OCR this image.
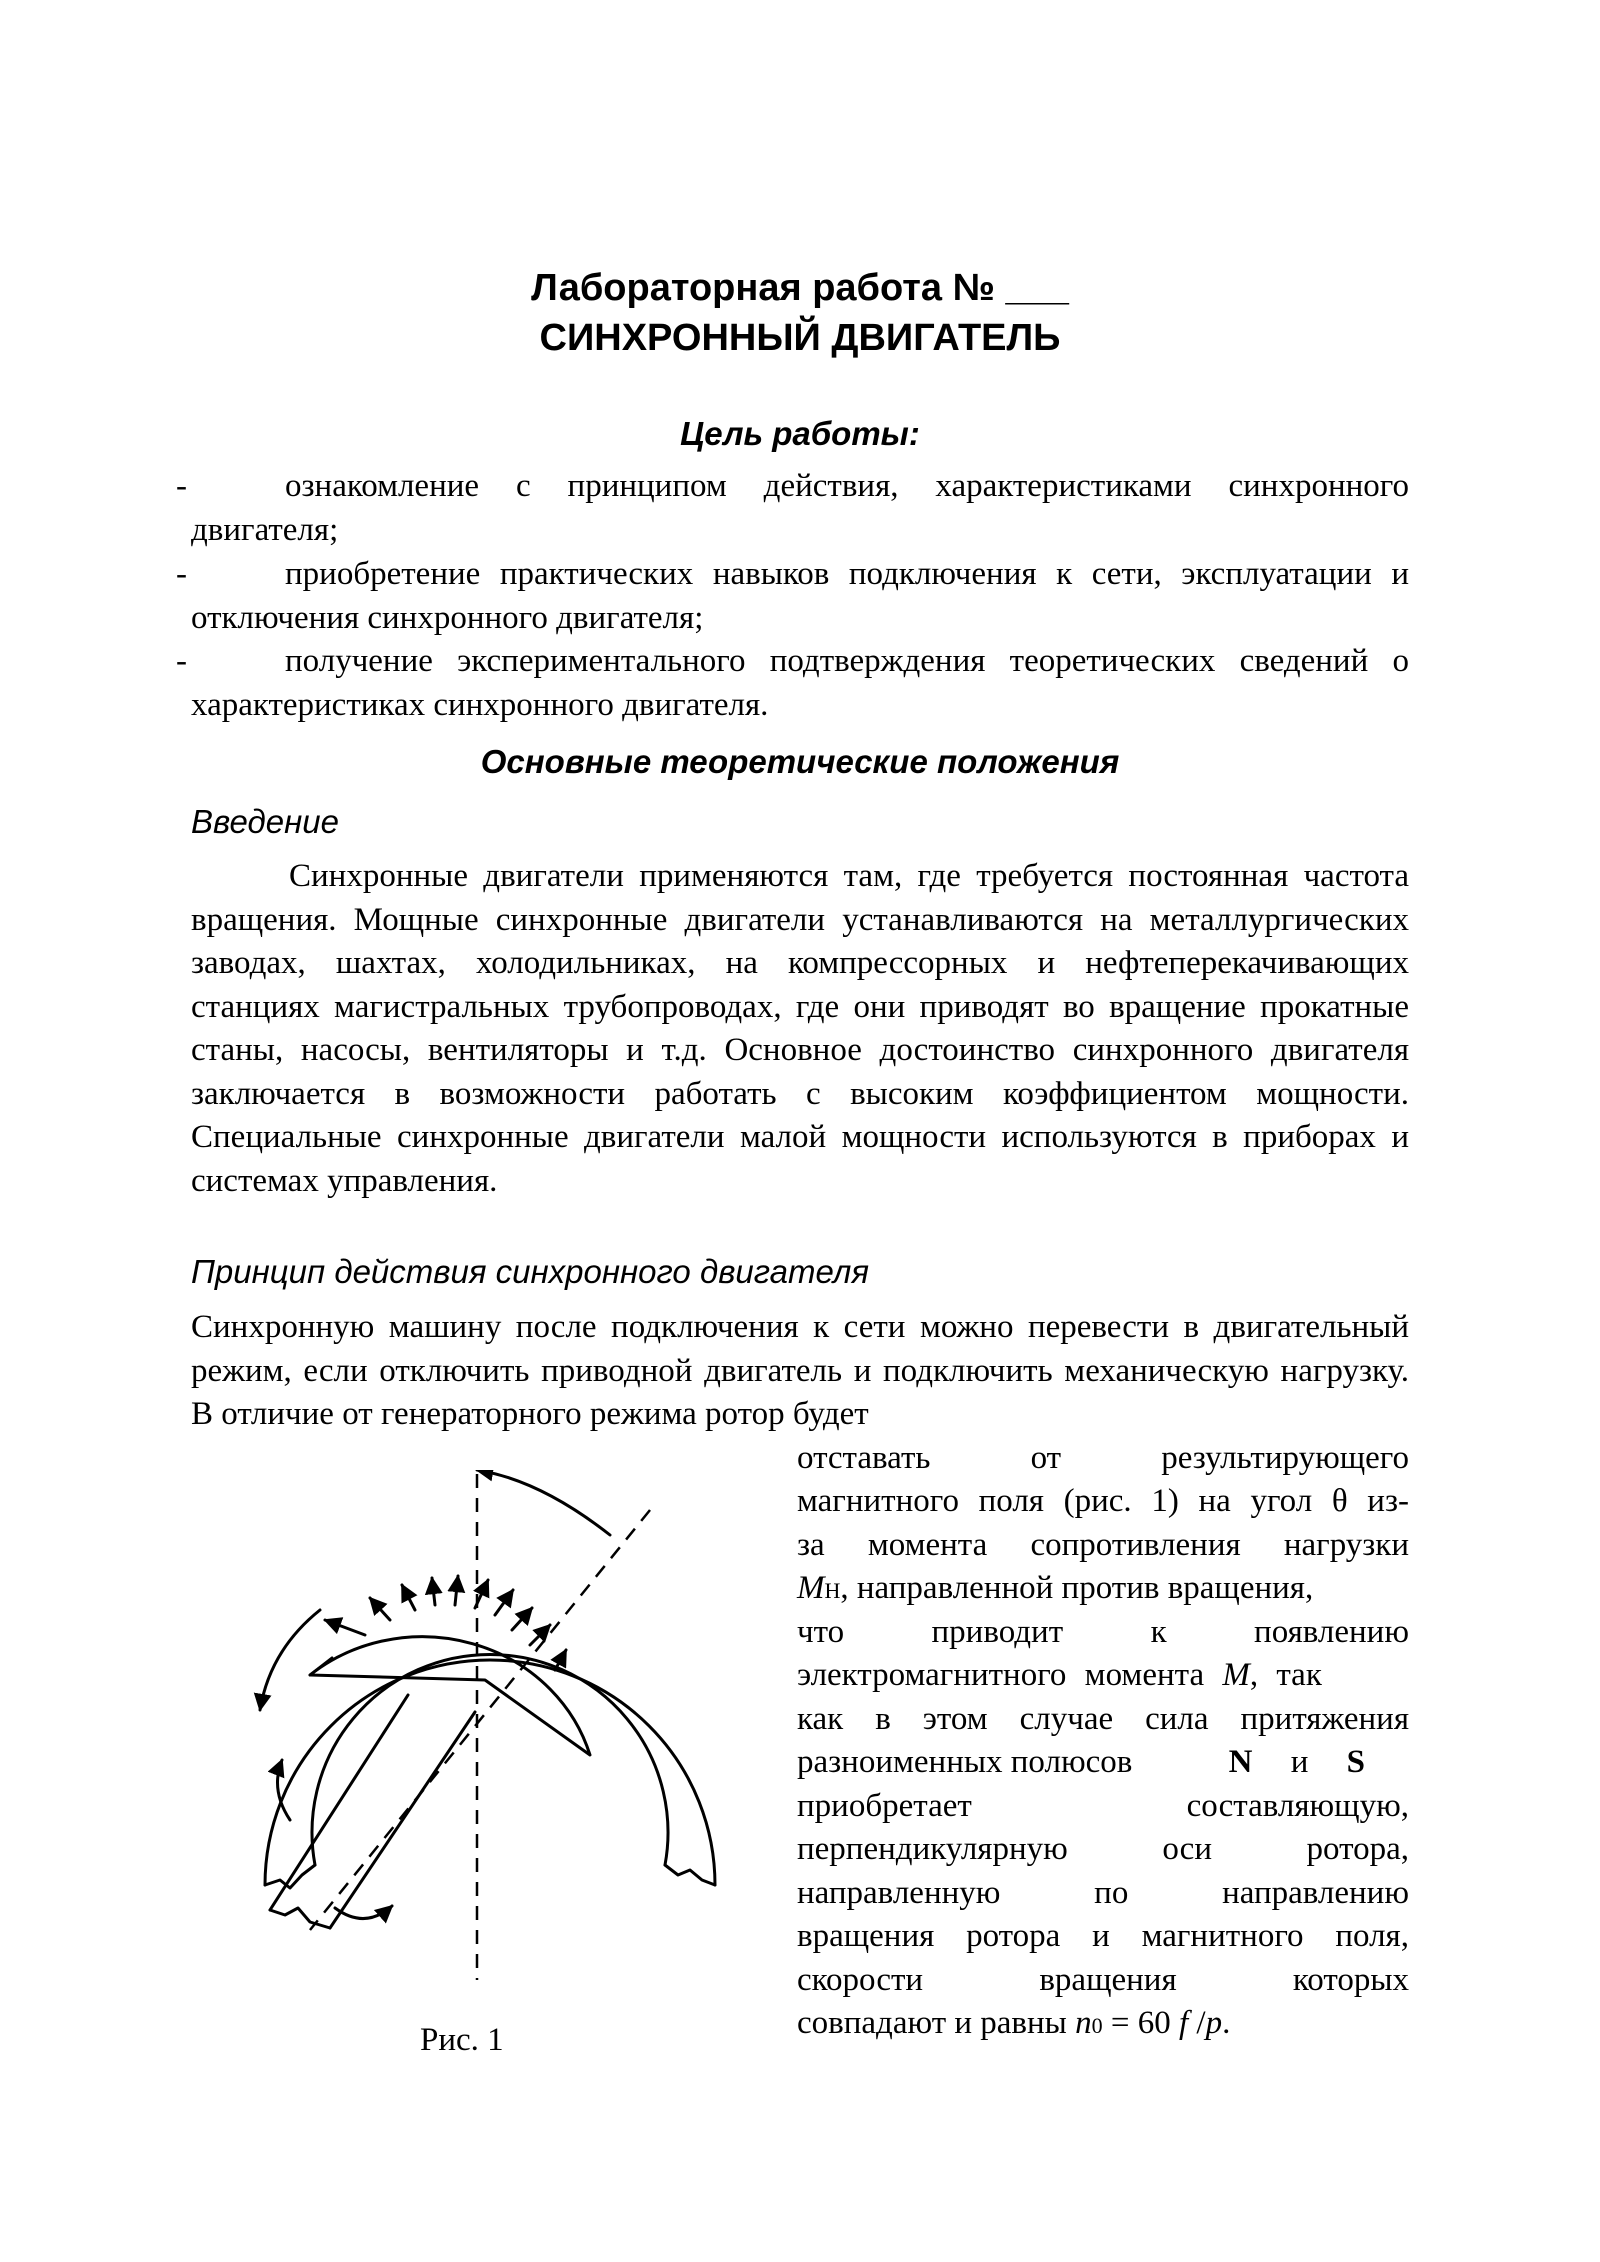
Лабораторная работа № ___
СИНХРОННЫЙ ДВИГАТЕЛЬ
Цель работы:
-	ознакомление с принципом действия, характеристиками синхронного двигателя;
-	приобретение практических навыков подключения к сети, эксплуатации и отключения синхронного двигателя;
-	получение экспериментального подтверждения теоретических сведений о характеристиках синхронного двигателя.
Основные теоретические положения
Введение
Синхронные двигатели применяются там, где требуется постоянная частота вращения. Мощные синхронные двигатели устанавливаются на металлургических заводах, шахтах, холодильниках, на компрессорных и нефтеперекачивающих станциях магистральных трубопроводах, где они приводят во вращение прокатные станы, насосы, вентиляторы и т.д. Основное достоинство синхронного двигателя заключается в возможности работать с высоким коэффициентом мощности. Специальные синхронные двигатели малой мощности используются в приборах и системах управления.
Принцип действия синхронного двигателя
Синхронную машину после подключения к сети можно перевести в двигательный режим, если отключить приводной двигатель и подключить механическую нагрузку. В отличие от генераторного режима ротор будет
отставать от результирующего
магнитного поля (рис. 1) на угол θ из-
за момента сопротивления нагрузки
MН, направленной против вращения,
что приводит к появлению
электромагнитного момента M, так
как в этом случае сила притяжения
разноименных полюсов	N и S
приобретает составляющую,
перпендикулярную оси ротора,
направленную по направлению
вращения ротора и магнитного поля,
скорости вращения которых
совпадают и равны n0 = 60 f /p.
Рис. 1
